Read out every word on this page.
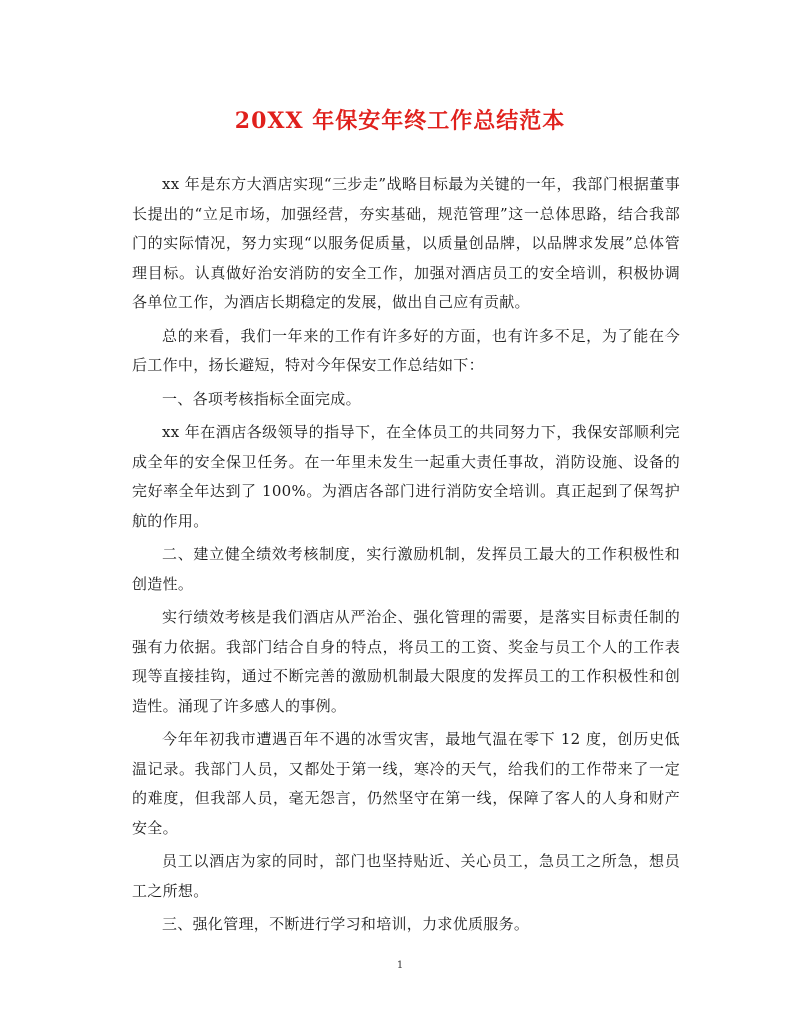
20XX 年保安年终工作总结范本

xx 年是东方大酒店实现“三步走”战略目标最为关键的一年，我部门根据董事长提出的“立足市场，加强经营，夯实基础，规范管理”这一总体思路，结合我部门的实际情况，努力实现“以服务促质量，以质量创品牌，以品牌求发展”总体管理目标。认真做好治安消防的安全工作，加强对酒店员工的安全培训，积极协调各单位工作，为酒店长期稳定的发展，做出自己应有贡献。

总的来看，我们一年来的工作有许多好的方面，也有许多不足，为了能在今后工作中，扬长避短，特对今年保安工作总结如下：

一、各项考核指标全面完成。

xx 年在酒店各级领导的指导下，在全体员工的共同努力下，我保安部顺利完成全年的安全保卫任务。在一年里未发生一起重大责任事故，消防设施、设备的完好率全年达到了 100%。为酒店各部门进行消防安全培训。真正起到了保驾护航的作用。

二、建立健全绩效考核制度，实行激励机制，发挥员工最大的工作积极性和创造性。

实行绩效考核是我们酒店从严治企、强化管理的需要，是落实目标责任制的强有力依据。我部门结合自身的特点，将员工的工资、奖金与员工个人的工作表现等直接挂钩，通过不断完善的激励机制最大限度的发挥员工的工作积极性和创造性。涌现了许多感人的事例。

今年年初我市遭遇百年不遇的冰雪灾害，最地气温在零下 12 度，创历史低温记录。我部门人员，又都处于第一线，寒冷的天气，给我们的工作带来了一定的难度，但我部人员，毫无怨言，仍然坚守在第一线，保障了客人的人身和财产安全。

员工以酒店为家的同时，部门也坚持贴近、关心员工，急员工之所急，想员工之所想。

三、强化管理，不断进行学习和培训，力求优质服务。

1
